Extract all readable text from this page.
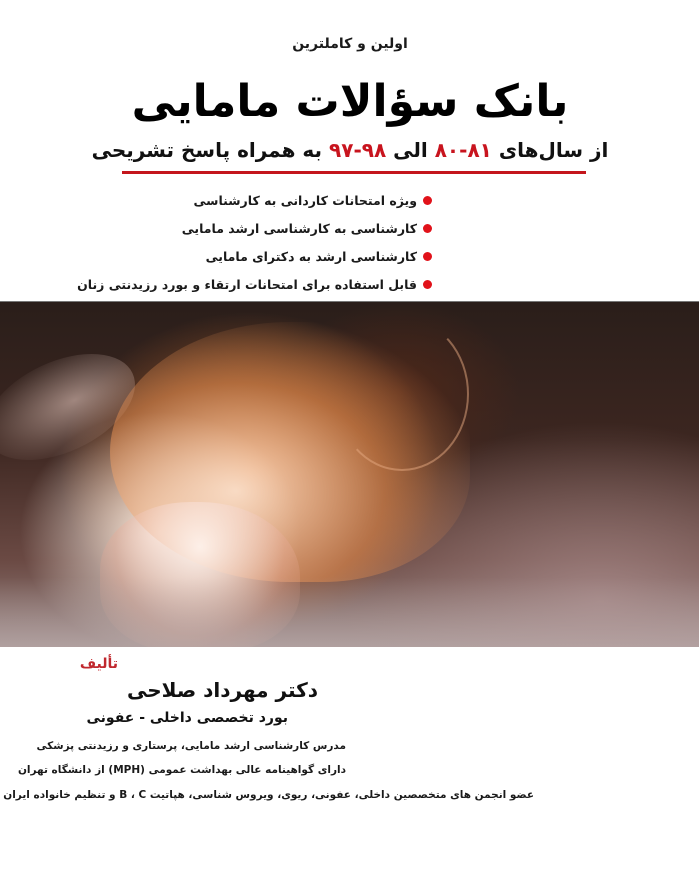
اولین و کاملترین
بانک سؤالات مامایی
از سال‌های ۸۱-۸۰ الی ۹۸-۹۷ به همراه پاسخ تشریحی
ویژه امتحانات کاردانی به کارشناسی
کارشناسی به کارشناسی ارشد مامایی
کارشناسی ارشد به دکترای مامایی
قابل استفاده برای امتحانات ارتقاء و بورد رزیدنتی زنان
تألیف
دکتر مهرداد صلاحی
بورد تخصصی داخلی - عفونی
مدرس کارشناسی ارشد مامایی، پرستاری و رزیدنتی پزشکی
دارای گواهینامه عالی بهداشت عمومی (MPH) از دانشگاه تهران
عضو انجمن های متخصصین داخلی، عفونی، ریوی، ویروس شناسی، هپاتیت B ، C و تنظیم خانواده ایران
